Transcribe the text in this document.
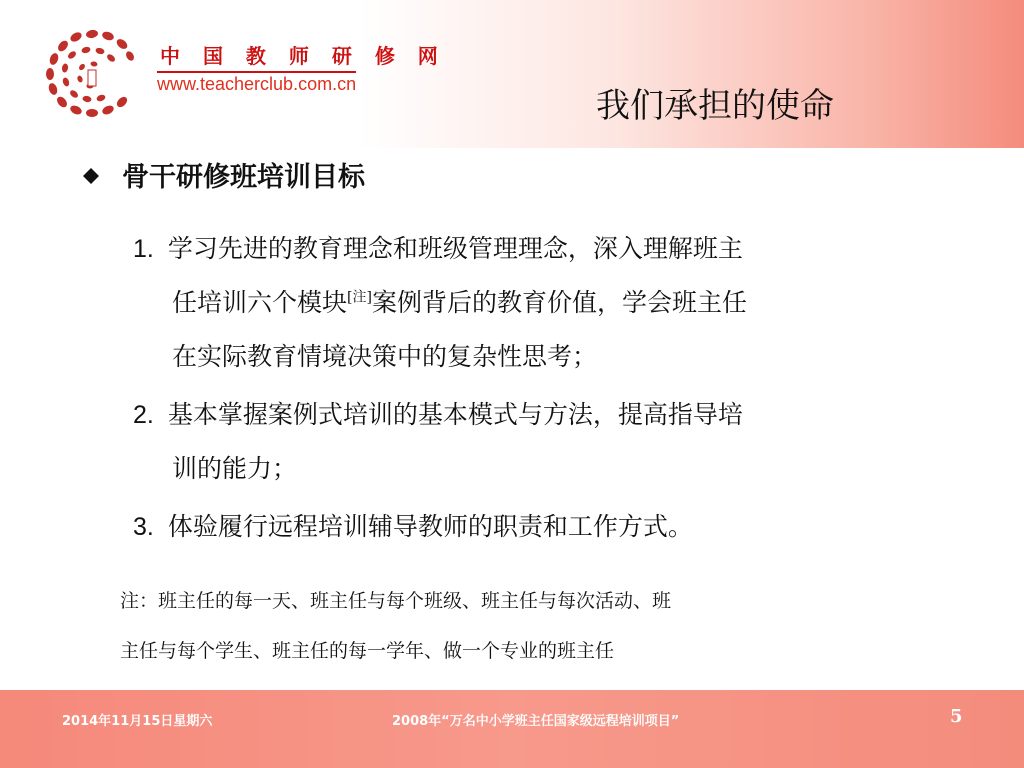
中 国 教 师 研 修 网
www.teacherclub.com.cn
我们承担的使命
骨干研修班培训目标
1. 学习先进的教育理念和班级管理理念，深入理解班主
任培训六个模块[注]案例背后的教育价值，学会班主任
在实际教育情境决策中的复杂性思考；
2. 基本掌握案例式培训的基本模式与方法，提高指导培
训的能力；
3. 体验履行远程培训辅导教师的职责和工作方式。
注：班主任的每一天、班主任与每个班级、班主任与每次活动、班
主任与每个学生、班主任的每一学年、做一个专业的班主任
2014年11月15日星期六	2008年“万名中小学班主任国家级远程培训项目”	5
